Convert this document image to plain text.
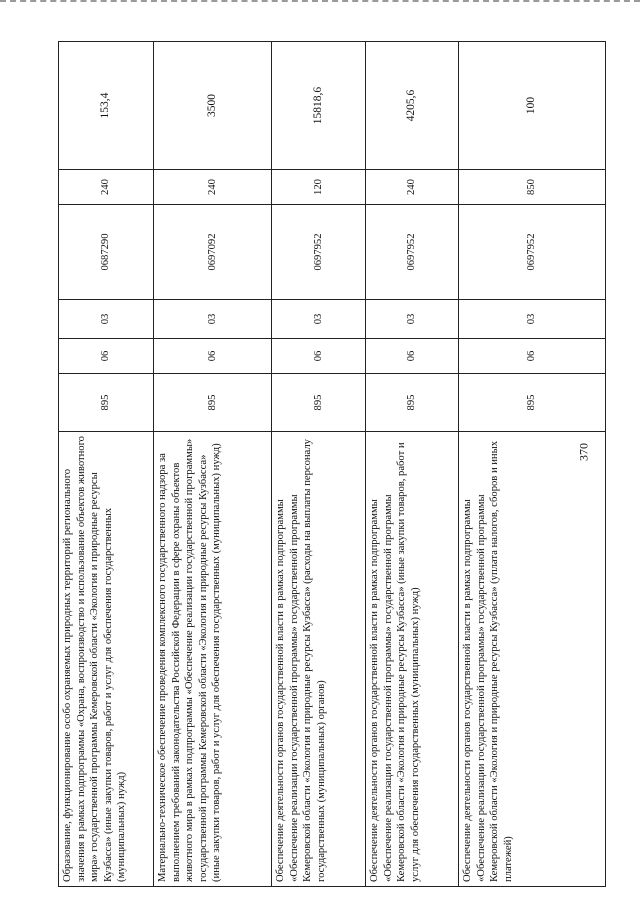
370
Образование, функционирование особо охраняемых природных территорий регионального значения в рамках подпрограммы «Охрана, воспроизводство и использование объектов животного мира» государственной программы Кемеровской области «Экология и природные ресурсы Кузбасса» (иные закупки товаров, работ и услуг для обеспечения государственных (муниципальных) нужд)	895	06	03	0687290	240	153,4
Материально-техническое обеспечение проведения комплексного государственного надзора за выполнением требований законодательства Российской Федерации в сфере охраны объектов животного мира в рамках подпрограммы «Обеспечение реализации государственной программы» государственной программы Кемеровской области «Экология и природные ресурсы Кузбасса» (иные закупки товаров, работ и услуг для обеспечения государственных (муниципальных) нужд)	895	06	03	0697092	240	3500
Обеспечение деятельности органов государственной власти в рамках подпрограммы «Обеспечение реализации государственной программы» государственной программы Кемеровской области «Экология и природные ресурсы Кузбасса» (расходы на выплаты персоналу государственных (муниципальных) органов)	895	06	03	0697952	120	15818,6
Обеспечение деятельности органов государственной власти в рамках подпрограммы «Обеспечение реализации государственной программы» государственной программы Кемеровской области «Экология и природные ресурсы Кузбасса» (иные закупки товаров, работ и услуг для обеспечения государственных (муниципальных) нужд)	895	06	03	0697952	240	4205,6
Обеспечение деятельности органов государственной власти в рамках подпрограммы «Обеспечение реализации государственной программы» государственной программы Кемеровской области «Экология и природные ресурсы Кузбасса» (уплата налогов, сборов и иных платежей)	895	06	03	0697952	850	100
